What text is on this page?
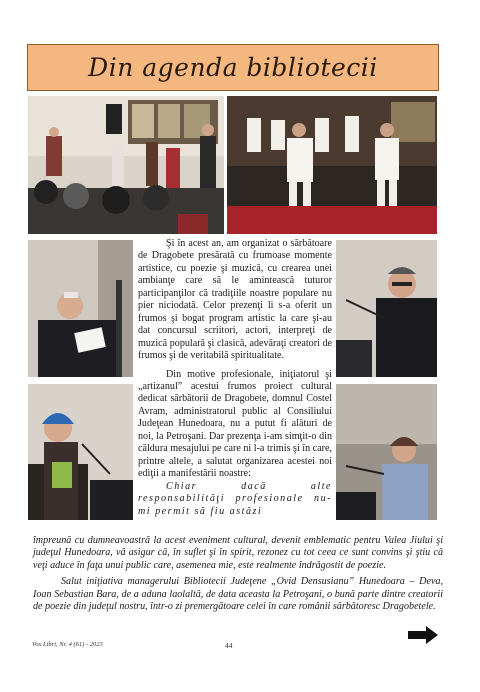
Din agenda bibliotecii

Şi în acest an, am organizat o sărbătoare de Dragobete presărată cu frumoase momente artistice, cu poezie şi muzică, cu crearea unei ambianţe care să le amintească tuturor participanţilor că tradiţiile noastre populare nu pier niciodată. Celor prezenţi li s-a oferit un frumos şi bogat program artistic la care şi-au dat concursul scriitori, actori, interpreţi de muzică populară şi clasică, adevăraţi creatori de frumos şi de veritabilă spiritualitate.

Din motive profesionale, iniţiatorul şi „artizanul” acestui frumos proiect cultural dedicat sărbătorii de Dragobete, domnul Costel Avram, administratorul public al Consiliului Judeţean Hunedoara, nu a putut fi alături de noi, la Petroşani. Dar prezenţa i-am simţit-o din căldura mesajului pe care ni l-a trimis şi în care, printre altele, a salutat organizarea acestei noi ediţii a manifestării noastre:

Chiar dacă alte responsabilităţi profesionale nu-mi permit să fiu astăzi

împreună cu dumneavoastră la acest eveniment cultural, devenit emblematic pentru Valea Jiului şi judeţul Hunedoara, vă asigur că, în suflet şi în spirit, rezonez cu tot ceea ce sunt convins şi ştiu că veţi aduce în faţa unui public care, asemenea mie, este realmente îndrăgostit de poezie.

Salut iniţiativa managerului Bibliotecii Judeţene „Ovid Densusianu” Hunedoara – Deva, Ioan Sebastian Bara, de a aduna laolaltă, de data aceasta la Petroşani, o bună parte dintre creatorii de poezie din judeţul nostru, într-o zi premergătoare celei în care românii sărbătoresc Dragobetele.

Vox Libri, Nr. 4 (61) - 2023	44
